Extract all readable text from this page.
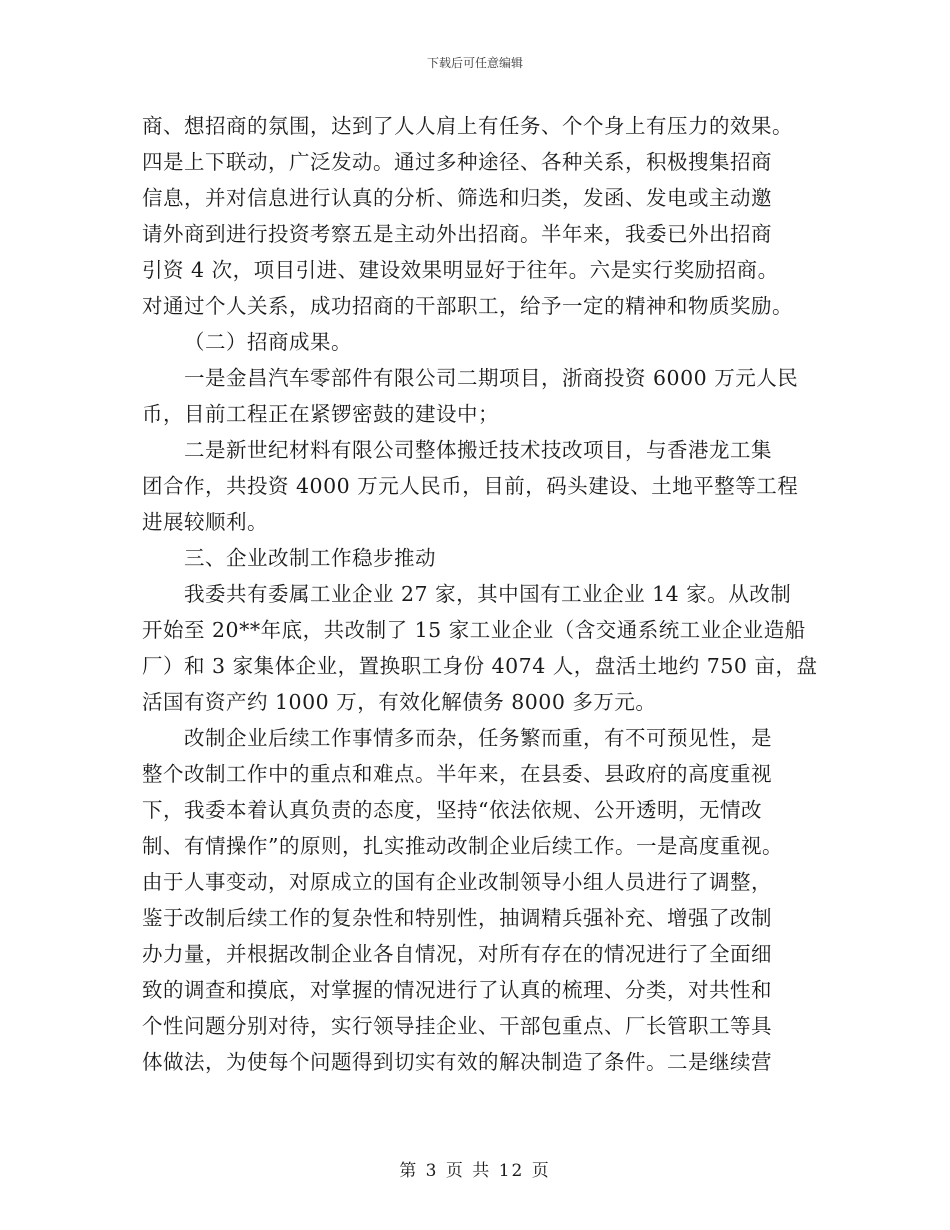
下载后可任意编辑

商、想招商的氛围，达到了人人肩上有任务、个个身上有压力的效果。
四是上下联动，广泛发动。通过多种途径、各种关系，积极搜集招商
信息，并对信息进行认真的分析、筛选和归类，发函、发电或主动邀
请外商到进行投资考察五是主动外出招商。半年来，我委已外出招商
引资 4 次，项目引进、建设效果明显好于往年。六是实行奖励招商。
对通过个人关系，成功招商的干部职工，给予一定的精神和物质奖励。
（二）招商成果。
一是金昌汽车零部件有限公司二期项目，浙商投资 6000 万元人民
币，目前工程正在紧锣密鼓的建设中；
二是新世纪材料有限公司整体搬迁技术技改项目，与香港龙工集
团合作，共投资 4000 万元人民币，目前，码头建设、土地平整等工程
进展较顺利。
三、企业改制工作稳步推动
我委共有委属工业企业 27 家，其中国有工业企业 14 家。从改制
开始至 20**年底，共改制了 15 家工业企业（含交通系统工业企业造船
厂）和 3 家集体企业，置换职工身份 4074 人，盘活土地约 750 亩，盘
活国有资产约 1000 万，有效化解债务 8000 多万元。
改制企业后续工作事情多而杂，任务繁而重，有不可预见性，是
整个改制工作中的重点和难点。半年来，在县委、县政府的高度重视
下，我委本着认真负责的态度，坚持“依法依规、公开透明，无情改
制、有情操作”的原则，扎实推动改制企业后续工作。一是高度重视。
由于人事变动，对原成立的国有企业改制领导小组人员进行了调整，
鉴于改制后续工作的复杂性和特别性，抽调精兵强补充、增强了改制
办力量，并根据改制企业各自情况，对所有存在的情况进行了全面细
致的调查和摸底，对掌握的情况进行了认真的梳理、分类，对共性和
个性问题分别对待，实行领导挂企业、干部包重点、厂长管职工等具
体做法，为使每个问题得到切实有效的解决制造了条件。二是继续营

第 3 页 共 12 页
